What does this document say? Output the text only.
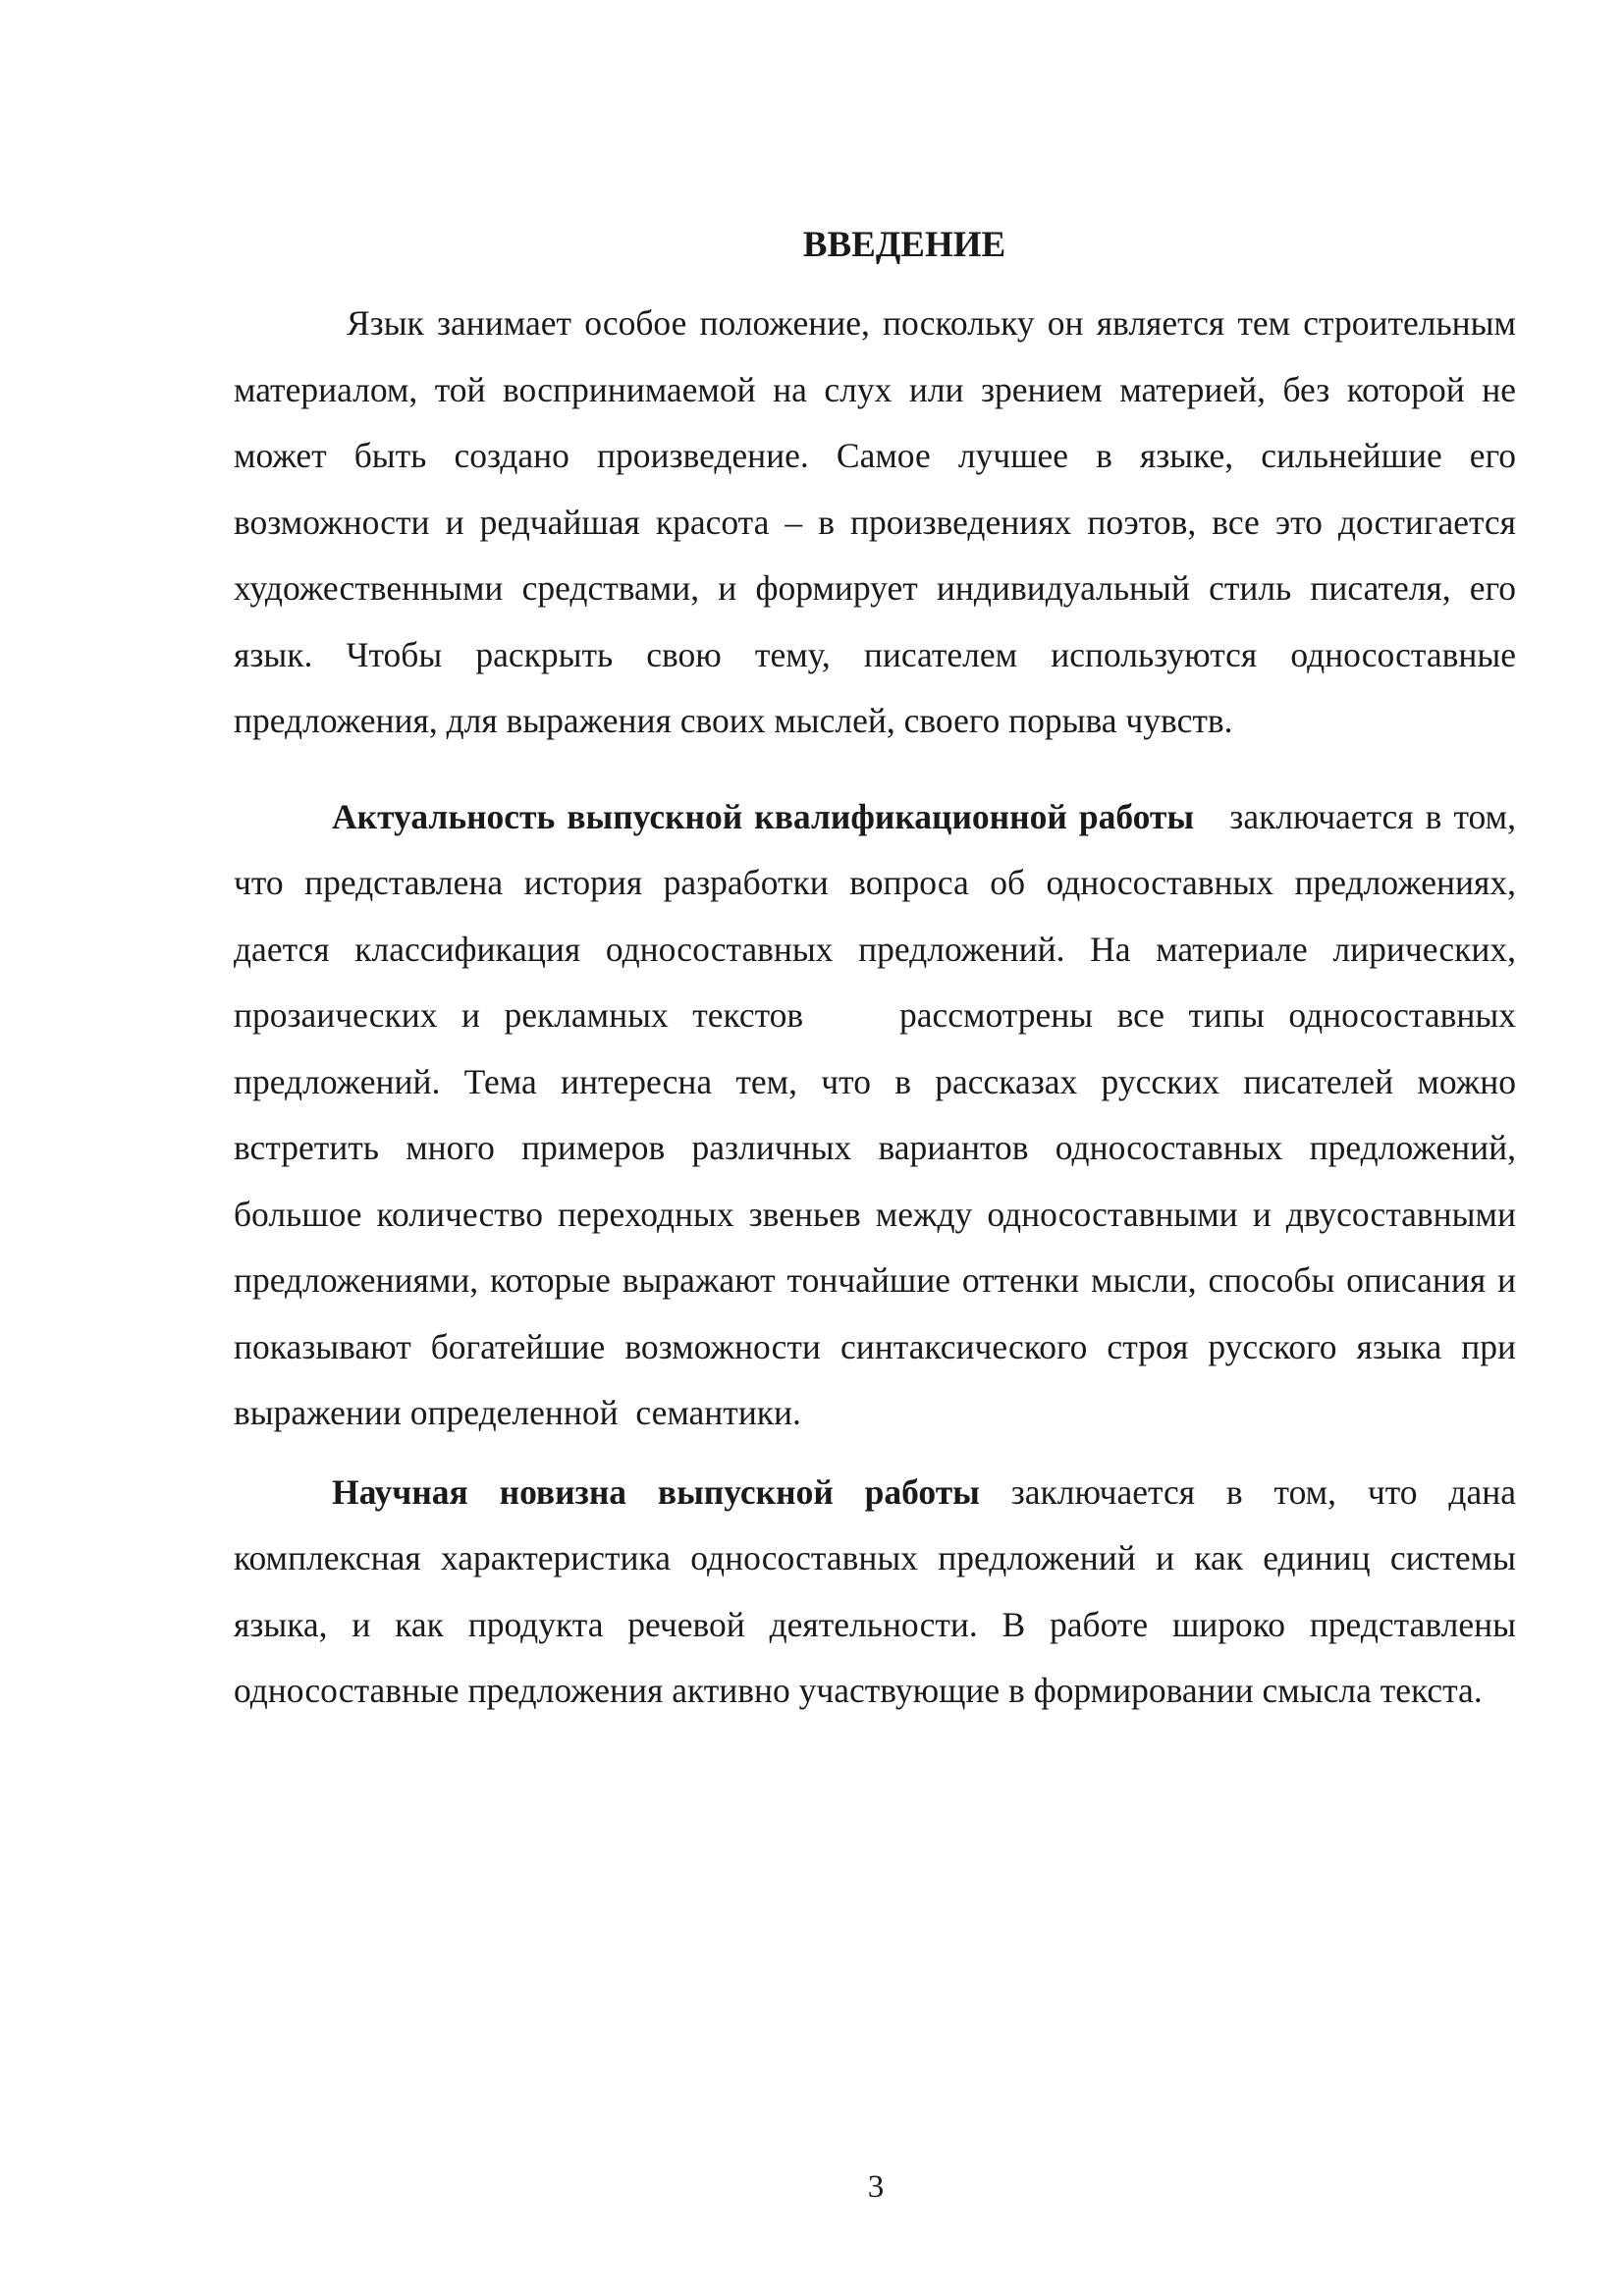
ВВЕДЕНИЕ

Язык занимает особое положение, поскольку он является тем строительным материалом, той воспринимаемой на слух или зрением материей, без которой не может быть создано произведение. Самое лучшее в языке, сильнейшие его возможности и редчайшая красота – в произведениях поэтов, все это достигается художественными средствами, и формирует индивидуальный стиль писателя, его язык. Чтобы раскрыть свою тему, писателем используются односоставные предложения, для выражения своих мыслей, своего порыва чувств.

Актуальность выпускной квалификационной работы   заключается в том, что представлена история разработки вопроса об односоставных предложениях, дается классификация односоставных предложений. На материале лирических, прозаических и рекламных текстов    рассмотрены все типы односоставных предложений. Тема интересна тем, что в рассказах русских писателей можно встретить много примеров различных вариантов односоставных предложений, большое количество переходных звеньев между односоставными и двусоставными предложениями, которые выражают тончайшие оттенки мысли, способы описания и показывают богатейшие возможности синтаксического строя русского языка при выражении определенной  семантики.

Научная новизна выпускной работы заключается в том, что дана комплексная характеристика односоставных предложений и как единиц системы языка, и как продукта речевой деятельности. В работе широко представлены односоставные предложения активно участвующие в формировании смысла текста.

3
